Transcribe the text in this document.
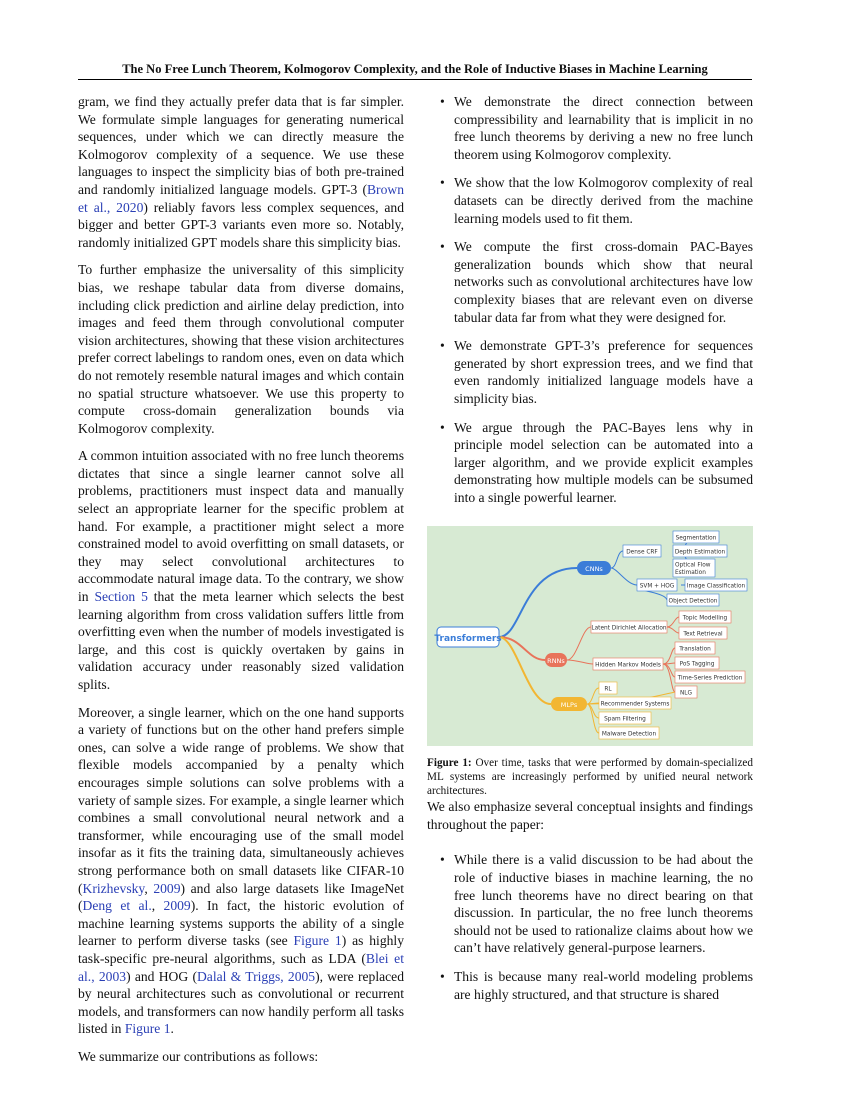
The No Free Lunch Theorem, Kolmogorov Complexity, and the Role of Inductive Biases in Machine Learning

gram, we find they actually prefer data that is far simpler. We formulate simple languages for generating numerical sequences, under which we can directly measure the Kolmogorov complexity of a sequence. We use these languages to inspect the simplicity bias of both pre-trained and randomly initialized language models. GPT-3 (Brown et al., 2020) reliably favors less complex sequences, and bigger and better GPT-3 variants even more so. Notably, randomly initialized GPT models share this simplicity bias.

To further emphasize the universality of this simplicity bias, we reshape tabular data from diverse domains, including click prediction and airline delay prediction, into images and feed them through convolutional computer vision architectures, showing that these vision architectures prefer correct labelings to random ones, even on data which do not remotely resemble natural images and which contain no spatial structure whatsoever. We use this property to compute cross-domain generalization bounds via Kolmogorov complexity.

A common intuition associated with no free lunch theorems dictates that since a single learner cannot solve all problems, practitioners must inspect data and manually select an appropriate learner for the specific problem at hand. For example, a practitioner might select a more constrained model to avoid overfitting on small datasets, or they may select convolutional architectures to accommodate natural image data. To the contrary, we show in Section 5 that the meta learner which selects the best learning algorithm from cross validation suffers little from overfitting even when the number of models investigated is large, and this cost is quickly overtaken by gains in validation accuracy under reasonably sized validation splits.

Moreover, a single learner, which on the one hand supports a variety of functions but on the other hand prefers simple ones, can solve a wide range of problems. We show that flexible models accompanied by a penalty which encourages simple solutions can solve problems with a variety of sample sizes. For example, a single learner which combines a small convolutional neural network and a transformer, while encouraging use of the small model insofar as it fits the training data, simultaneously achieves strong performance both on small datasets like CIFAR-10 (Krizhevsky, 2009) and also large datasets like ImageNet (Deng et al., 2009). In fact, the historic evolution of machine learning systems supports the ability of a single learner to perform diverse tasks (see Figure 1) as highly task-specific pre-neural algorithms, such as LDA (Blei et al., 2003) and HOG (Dalal & Triggs, 2005), were replaced by neural architectures such as convolutional or recurrent models, and transformers can now handily perform all tasks listed in Figure 1.

We summarize our contributions as follows:

• We demonstrate the direct connection between compressibility and learnability that is implicit in no free lunch theorems by deriving a new no free lunch theorem using Kolmogorov complexity.
• We show that the low Kolmogorov complexity of real datasets can be directly derived from the machine learning models used to fit them.
• We compute the first cross-domain PAC-Bayes generalization bounds which show that neural networks such as convolutional architectures have low complexity biases that are relevant even on diverse tabular data far from what they were designed for.
• We demonstrate GPT-3’s preference for sequences generated by short expression trees, and we find that even randomly initialized language models have a simplicity bias.
• We argue through the PAC-Bayes lens why in principle model selection can be automated into a larger algorithm, and we provide explicit examples demonstrating how multiple models can be subsumed into a single powerful learner.
Transformers
CNNs
RNNs
MLPs
Dense CRF
Segmentation
Depth Estimation
Optical Flow
Estimation
SVM + HOG Image Classification
Object Detection
Latent Dirichlet Allocation
Topic Modelling
Text Retrieval
Hidden Markov Models
Translation
PoS Tagging
Time-Series Prediction
NLG
RL
Recommender Systems
Spam Filtering
Malware Detection
Figure 1: Over time, tasks that were performed by domain-specialized ML systems are increasingly performed by unified neural network architectures.

We also emphasize several conceptual insights and findings throughout the paper:

• While there is a valid discussion to be had about the role of inductive biases in machine learning, the no free lunch theorems have no direct bearing on that discussion. In particular, the no free lunch theorems should not be used to rationalize claims about how we can’t have relatively general-purpose learners.
• This is because many real-world modeling problems are highly structured, and that structure is shared
